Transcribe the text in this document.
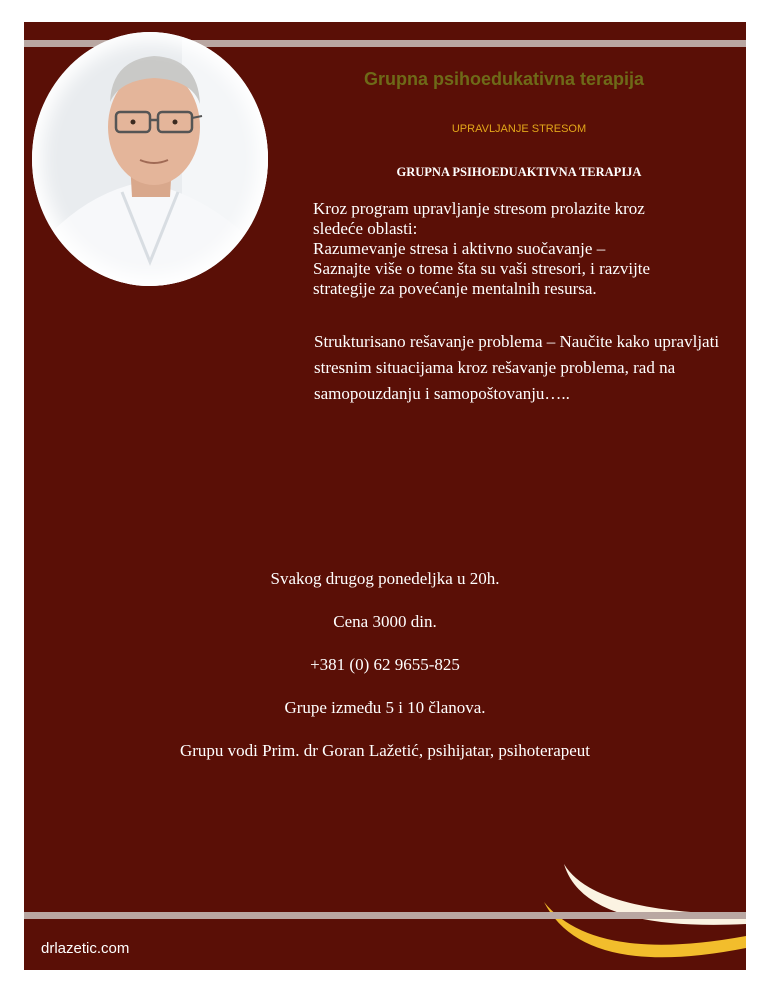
Grupna psihoedukativna terapija
UPRAVLJANJE STRESOM
GRUPNA PSIHOEDUAKTIVNA TERAPIJA
Kroz program upravljanje stresom prolazite kroz
sledeće oblasti:
Razumevanje stresa i aktivno suočavanje –
Saznajte više o tome šta su vaši stresori, i razvijte
strategije za povećanje mentalnih resursa.
Strukturisano rešavanje problema – Naučite kako upravljati stresnim situacijama kroz rešavanje problema, rad na samopouzdanju i samopoštovanju…..
Svakog drugog ponedeljka u 20h.
Cena 3000 din.
+381 (0) 62 9655-825
Grupe između 5 i 10 članova.
Grupu vodi Prim. dr Goran Lažetić, psihijatar, psihoterapeut
drlazetic.com
